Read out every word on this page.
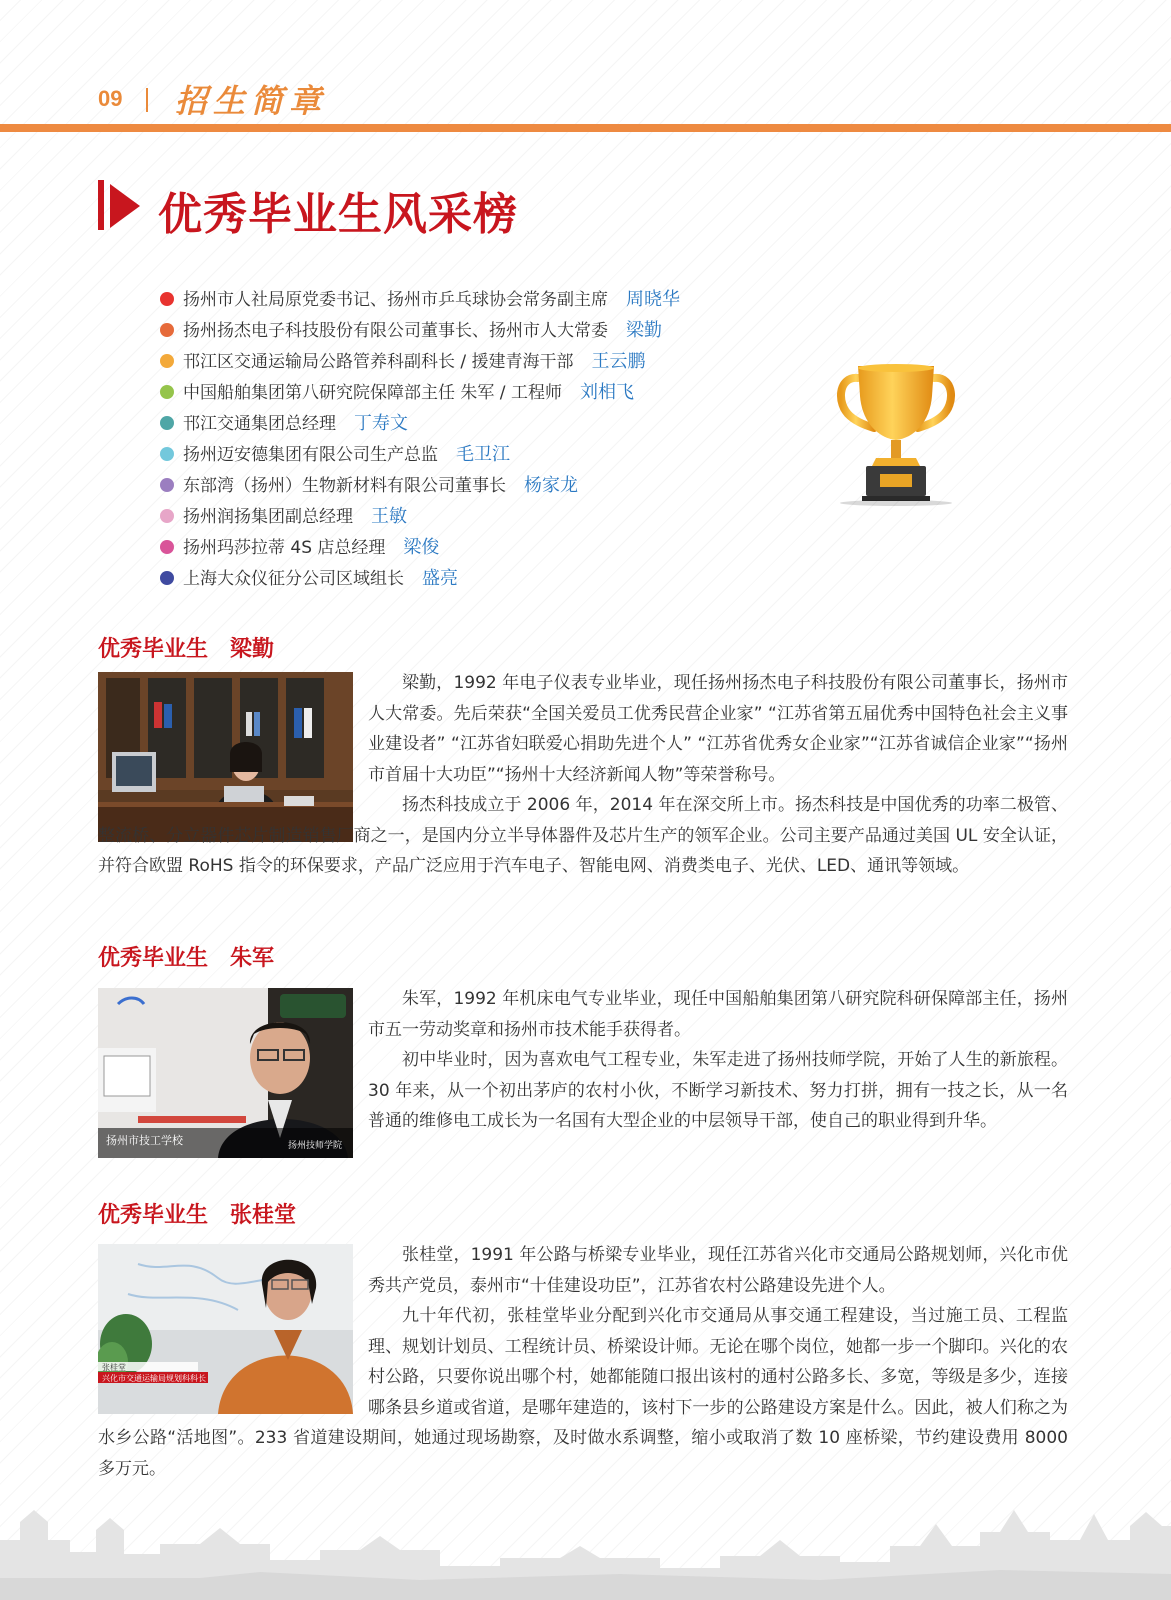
09 招生简章
优秀毕业生风采榜
扬州市人社局原党委书记、扬州市乒乓球协会常务副主席 周晓华
扬州扬杰电子科技股份有限公司董事长、扬州市人大常委 梁勤
邗江区交通运输局公路管养科副科长 / 援建青海干部 王云鹏
中国船舶集团第八研究院保障部主任 朱军 / 工程师 刘相飞
邗江交通集团总经理 丁寿文
扬州迈安德集团有限公司生产总监 毛卫江
东部湾（扬州）生物新材料有限公司董事长 杨家龙
扬州润扬集团副总经理 王敏
扬州玛莎拉蒂 4S 店总经理 梁俊
上海大众仪征分公司区域组长 盛亮
优秀毕业生 梁勤

梁勤，1992 年电子仪表专业毕业，现任扬州扬杰电子科技股份有限公司董事长，扬州市人大常委。先后荣获“全国关爱员工优秀民营企业家” “江苏省第五届优秀中国特色社会主义事业建设者” “江苏省妇联爱心捐助先进个人” “江苏省优秀女企业家”“江苏省诚信企业家”“扬州市首届十大功臣”“扬州十大经济新闻人物”等荣誉称号。

扬杰科技成立于 2006 年，2014 年在深交所上市。扬杰科技是中国优秀的功率二极管、整流桥、分立器件芯片制造销售厂商之一，是国内分立半导体器件及芯片生产的领军企业。公司主要产品通过美国 UL 安全认证，并符合欧盟 RoHS 指令的环保要求，产品广泛应用于汽车电子、智能电网、消费类电子、光伏、LED、通讯等领域。

优秀毕业生 朱军
扬州市技工学校	扬州技师学院

朱军，1992 年机床电气专业毕业，现任中国船舶集团第八研究院科研保障部主任，扬州市五一劳动奖章和扬州市技术能手获得者。

初中毕业时，因为喜欢电气工程专业，朱军走进了扬州技师学院，开始了人生的新旅程。30 年来，从一个初出茅庐的农村小伙，不断学习新技术、努力打拼，拥有一技之长，从一名普通的维修电工成长为一名国有大型企业的中层领导干部，使自己的职业得到升华。

优秀毕业生 张桂堂
张桂堂
兴化市交通运输局规划科科长

张桂堂，1991 年公路与桥梁专业毕业，现任江苏省兴化市交通局公路规划师，兴化市优秀共产党员，泰州市“十佳建设功臣”，江苏省农村公路建设先进个人。

九十年代初，张桂堂毕业分配到兴化市交通局从事交通工程建设，当过施工员、工程监理、规划计划员、工程统计员、桥梁设计师。无论在哪个岗位，她都一步一个脚印。兴化的农村公路，只要你说出哪个村，她都能随口报出该村的通村公路多长、多宽，等级是多少，连接哪条县乡道或省道，是哪年建造的，该村下一步的公路建设方案是什么。因此，被人们称之为水乡公路“活地图”。233 省道建设期间，她通过现场勘察，及时做水系调整，缩小或取消了数 10 座桥梁，节约建设费用 8000 多万元。
